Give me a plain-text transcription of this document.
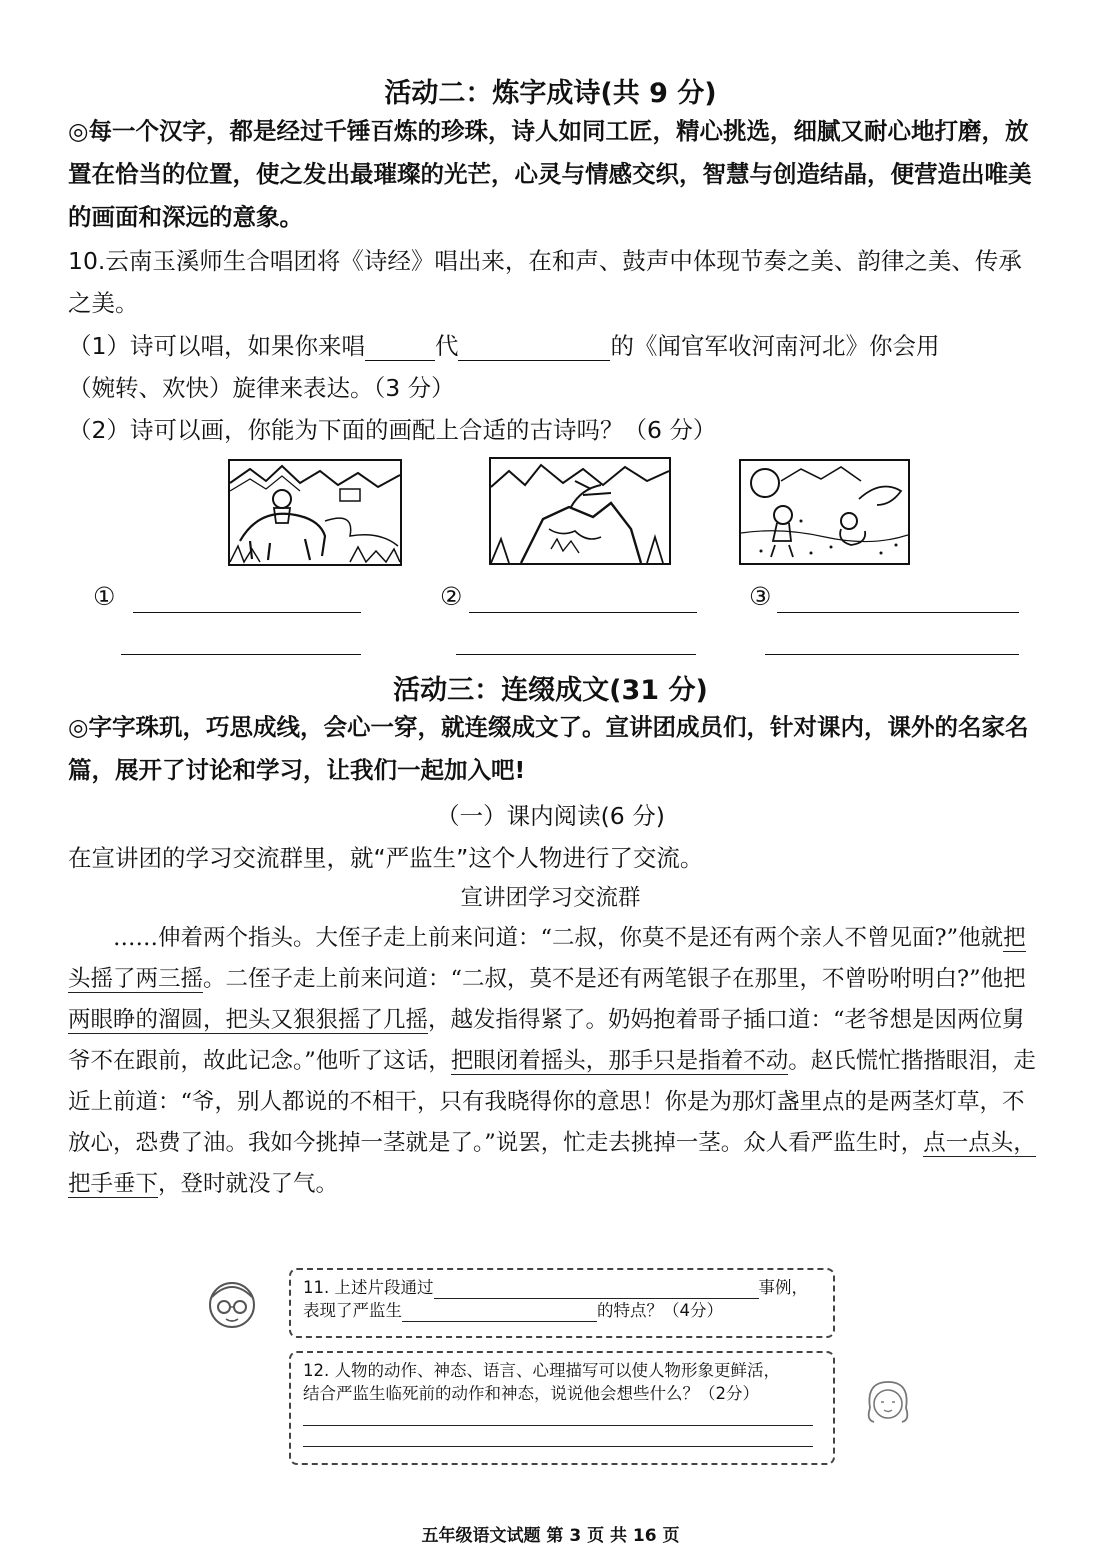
活动二：炼字成诗(共 9 分)
◎每一个汉字，都是经过千锤百炼的珍珠，诗人如同工匠，精心挑选，细腻又耐心地打磨，放置在恰当的位置，使之发出最璀璨的光芒，心灵与情感交织，智慧与创造结晶，便营造出唯美的画面和深远的意象。
10.云南玉溪师生合唱团将《诗经》唱出来，在和声、鼓声中体现节奏之美、韵律之美、传承之美。
（1）诗可以唱，如果你来唱	代	的《闻官军收河南河北》你会用
（婉转、欢快）旋律来表达。（3 分）
（2）诗可以画，你能为下面的画配上合适的古诗吗？（6 分）
①	②	③
活动三：连缀成文(31 分)
◎字字珠玑，巧思成线，会心一穿，就连缀成文了。宣讲团成员们，针对课内，课外的名家名篇，展开了讨论和学习，让我们一起加入吧!
（一）课内阅读(6 分)
在宣讲团的学习交流群里，就“严监生”这个人物进行了交流。
宣讲团学习交流群
……伸着两个指头。大侄子走上前来问道：“二叔，你莫不是还有两个亲人不曾见面?”他就把头摇了两三摇。二侄子走上前来问道：“二叔，莫不是还有两笔银子在那里，不曾吩咐明白?”他把两眼睁的溜圆，把头又狠狠摇了几摇，越发指得紧了。奶妈抱着哥子插口道：“老爷想是因两位舅爷不在跟前，故此记念。”他听了这话，把眼闭着摇头，那手只是指着不动。赵氏慌忙揩揩眼泪，走近上前道：“爷，别人都说的不相干，只有我晓得你的意思！你是为那灯盏里点的是两茎灯草，不放心，恐费了油。我如今挑掉一茎就是了。”说罢，忙走去挑掉一茎。众人看严监生时，点一点头，把手垂下，登时就没了气。
11. 上述片段通过	事例，
表现了严监生	的特点？（4分）
12. 人物的动作、神态、语言、心理描写可以使人物形象更鲜活，
结合严监生临死前的动作和神态，说说他会想些什么？（2分）
五年级语文试题 第 3 页 共 16 页
